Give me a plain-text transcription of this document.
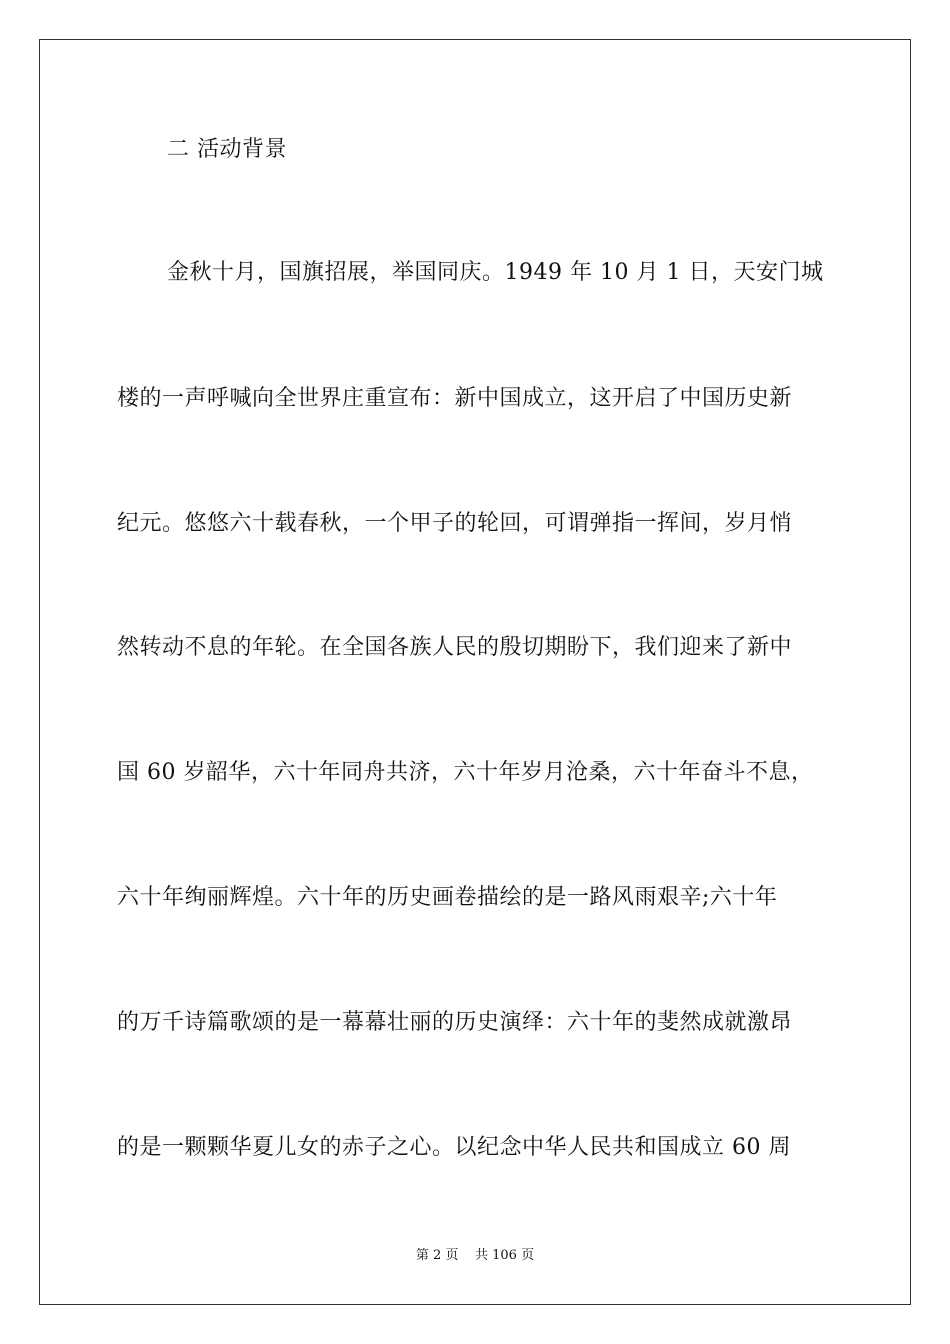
二 活动背景
金秋十月，国旗招展，举国同庆。1949 年 10 月 1 日，天安门城
楼的一声呼喊向全世界庄重宣布：新中国成立，这开启了中国历史新
纪元。悠悠六十载春秋，一个甲子的轮回，可谓弹指一挥间，岁月悄
然转动不息的年轮。在全国各族人民的殷切期盼下，我们迎来了新中
国 60 岁韶华，六十年同舟共济，六十年岁月沧桑，六十年奋斗不息，
六十年绚丽辉煌。六十年的历史画卷描绘的是一路风雨艰辛;六十年
的万千诗篇歌颂的是一幕幕壮丽的历史演绎：六十年的斐然成就激昂
的是一颗颗华夏儿女的赤子之心。以纪念中华人民共和国成立 60 周
第 2 页 共 106 页
